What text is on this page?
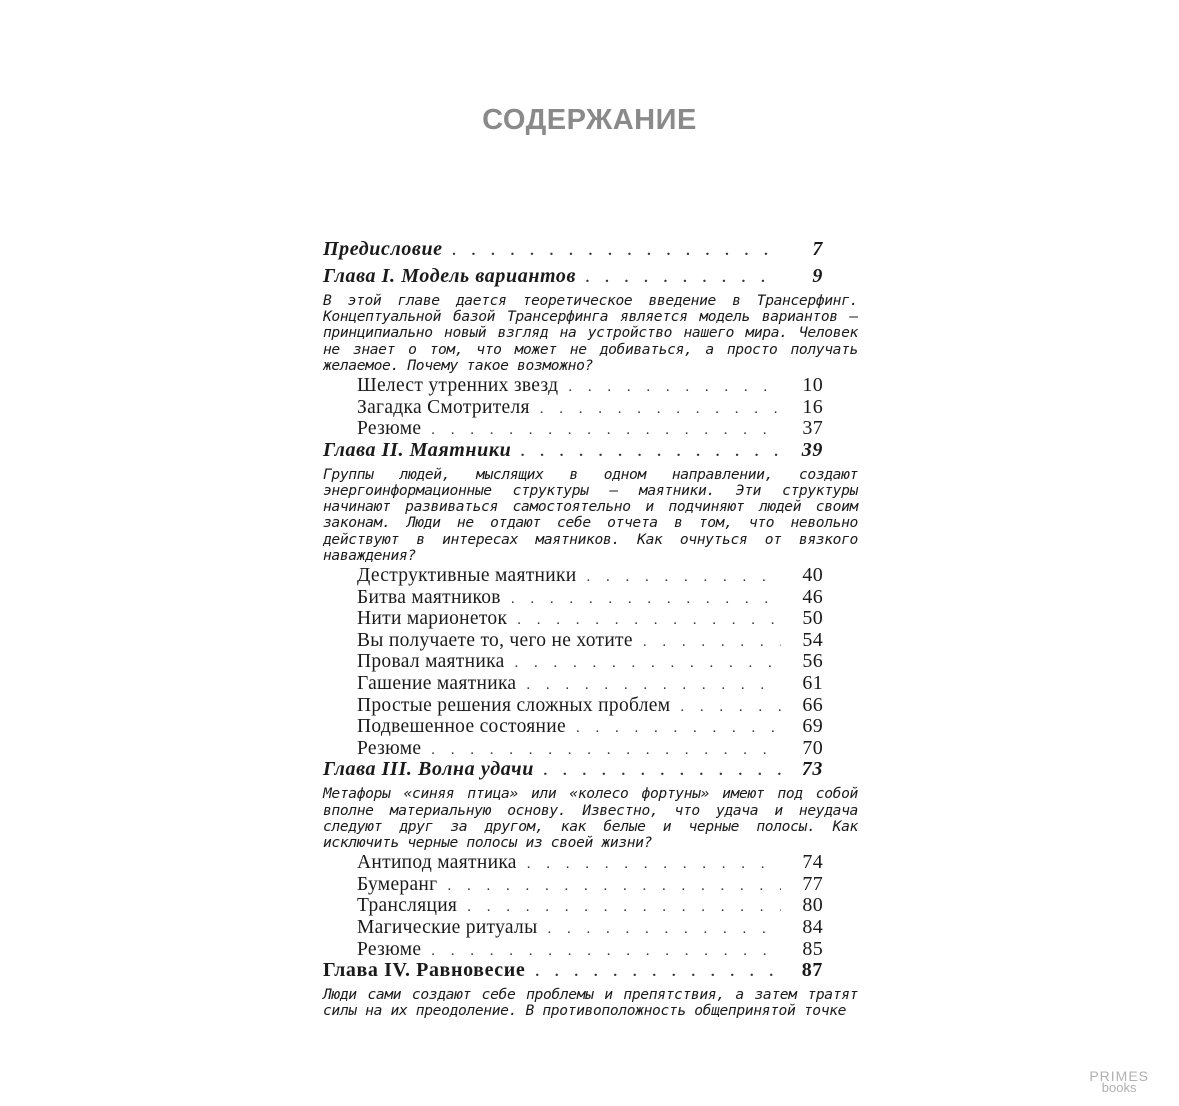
СОДЕРЖАНИЕ
Предисловие . . .	7
Глава I. Модель вариантов . . .	9
В этой главе дается теоретическое введение в Трансерфинг. Концептуальной базой Трансерфинга является модель вариантов — принципиально новый взгляд на устройство нашего мира. Человек не знает о том, что может не добиваться, а просто получать желаемое. Почему такое возможно?
Шелест утренних звезд . . .	10
Загадка Смотрителя . . .	16
Резюме . . .	37
Глава II. Маятники . . .	39
Группы людей, мыслящих в одном направлении, создают энергоинформационные структуры — маятники. Эти структуры начинают развиваться самостоятельно и подчиняют людей своим законам. Люди не отдают себе отчета в том, что невольно действуют в интересах маятников. Как очнуться от вязкого наваждения?
Деструктивные маятники . . .	40
Битва маятников . . .	46
Нити марионеток . . .	50
Вы получаете то, чего не хотите . . .	54
Провал маятника . . .	56
Гашение маятника . . .	61
Простые решения сложных проблем . . .	66
Подвешенное состояние . . .	69
Резюме . . .	70
Глава III. Волна удачи . . .	73
Метафоры «синяя птица» или «колесо фортуны» имеют под собой вполне материальную основу. Известно, что удача и неудача следуют друг за другом, как белые и черные полосы. Как исключить черные полосы из своей жизни?
Антипод маятника . . .	74
Бумеранг . . .	77
Трансляция . . .	80
Магические ритуалы . . .	84
Резюме . . .	85
Глава IV. Равновесие . . .	87
Люди сами создают себе проблемы и препятствия, а затем тратят силы на их преодоление. В противоположность общепринятой точке
PRIMES
books
